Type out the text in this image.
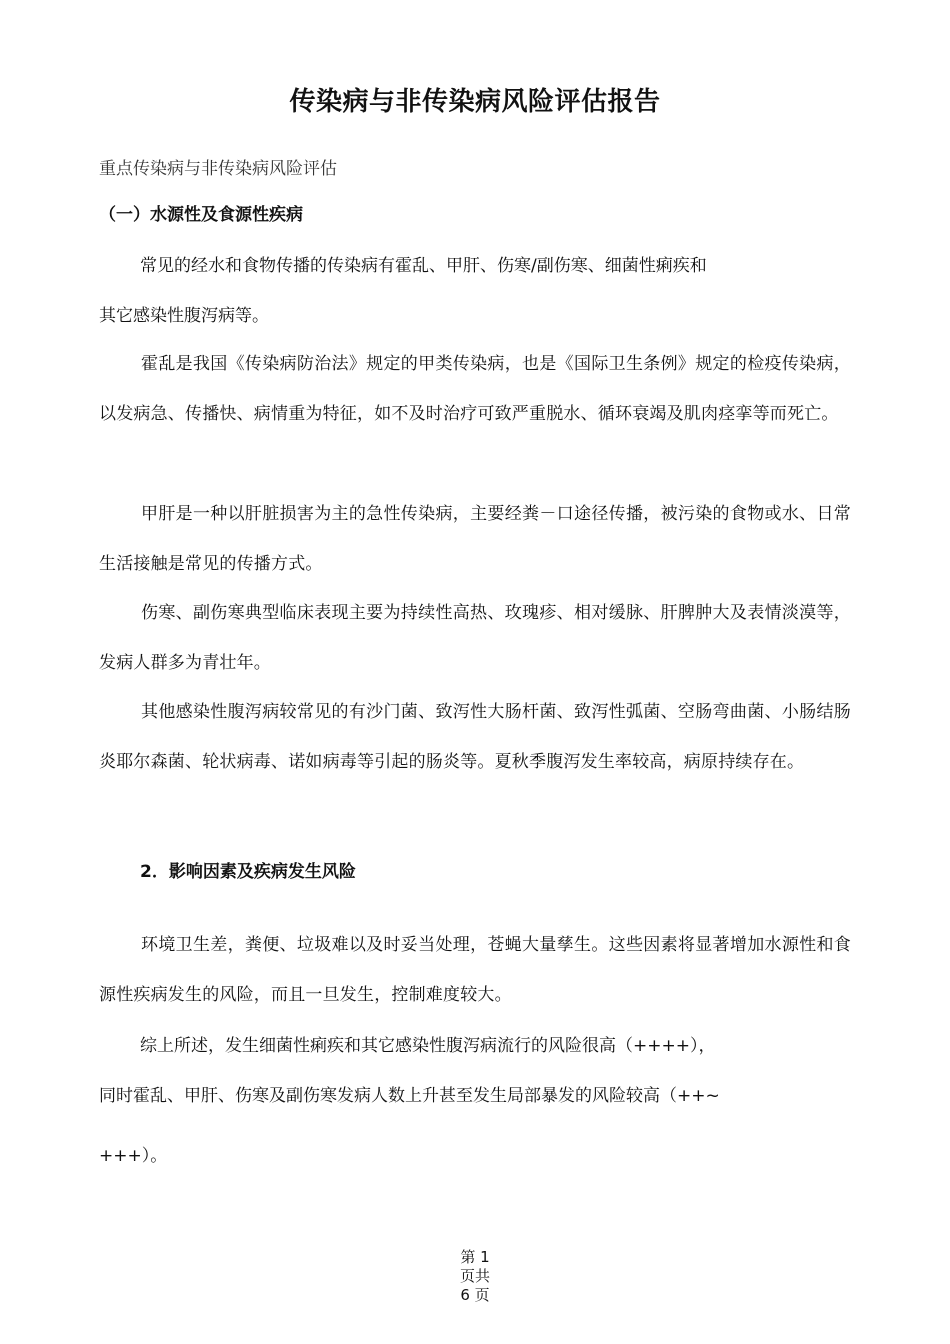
传染病与非传染病风险评估报告
重点传染病与非传染病风险评估
（一）水源性及食源性疾病
常见的经水和食物传播的传染病有霍乱、甲肝、伤寒/副伤寒、细菌性痢疾和
其它感染性腹泻病等。
霍乱是我国《传染病防治法》规定的甲类传染病，也是《国际卫生条例》规定的检疫传染病，以发病急、传播快、病情重为特征，如不及时治疗可致严重脱水、循环衰竭及肌肉痉挛等而死亡。
甲肝是一种以肝脏损害为主的急性传染病，主要经粪－口途径传播，被污染的食物或水、日常生活接触是常见的传播方式。
伤寒、副伤寒典型临床表现主要为持续性高热、玫瑰疹、相对缓脉、肝脾肿大及表情淡漠等，发病人群多为青壮年。
其他感染性腹泻病较常见的有沙门菌、致泻性大肠杆菌、致泻性弧菌、空肠弯曲菌、小肠结肠炎耶尔森菌、轮状病毒、诺如病毒等引起的肠炎等。夏秋季腹泻发生率较高，病原持续存在。
2．影响因素及疾病发生风险
环境卫生差，粪便、垃圾难以及时妥当处理，苍蝇大量孳生。这些因素将显著增加水源性和食源性疾病发生的风险，而且一旦发生，控制难度较大。
综上所述，发生细菌性痢疾和其它感染性腹泻病流行的风险很高（++++），
同时霍乱、甲肝、伤寒及副伤寒发病人数上升甚至发生局部暴发的风险较高（++~
+++）。
第 1
页共
6 页
